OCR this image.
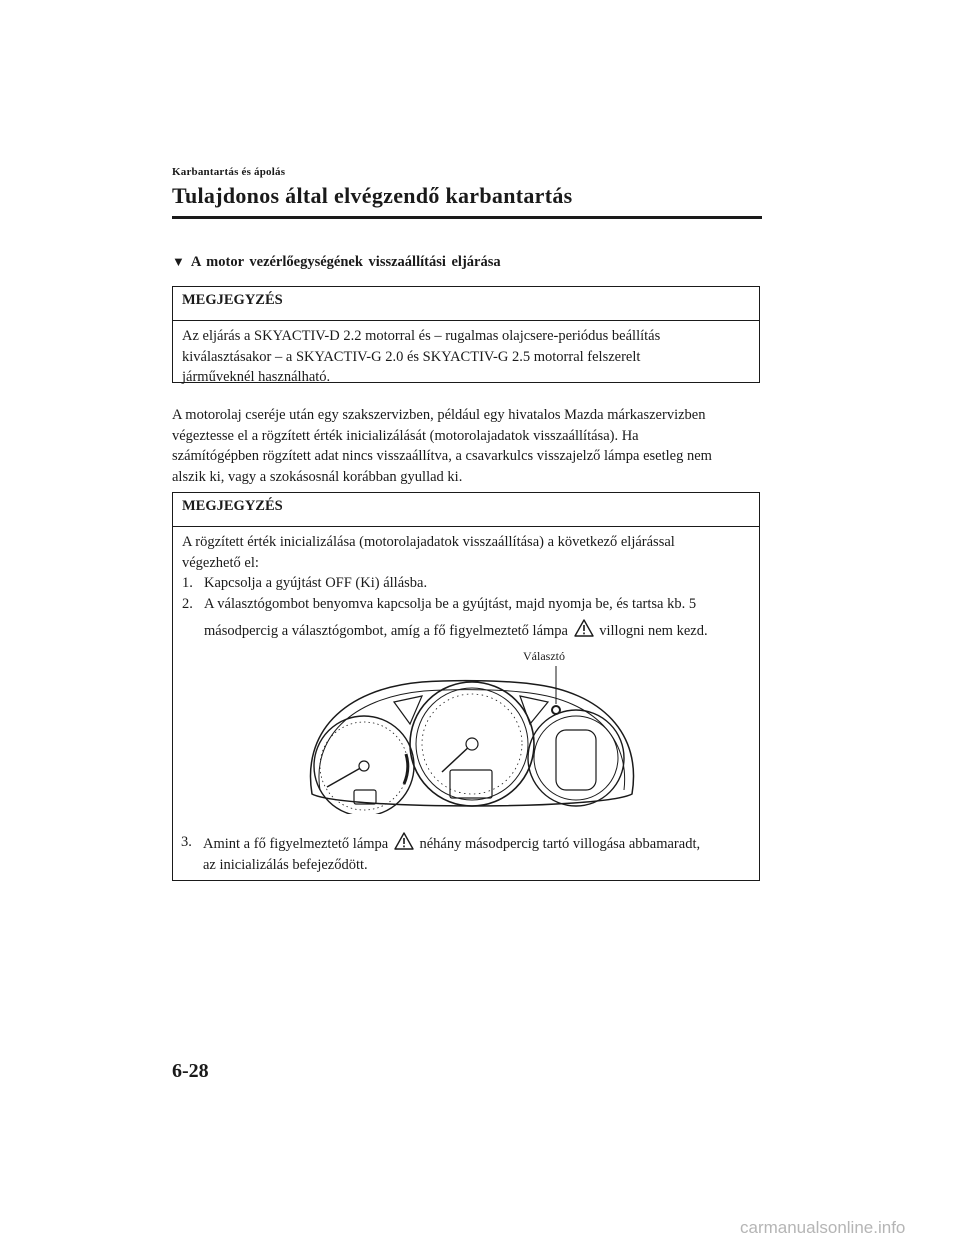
Karbantartás és ápolás
Tulajdonos által elvégzendő karbantartás
▼ A motor vezérlőegységének visszaállítási eljárása
MEGJEGYZÉS
Az eljárás a SKYACTIV-D 2.2 motorral és – rugalmas olajcsere-periódus beállítás
kiválasztásakor – a SKYACTIV-G 2.0 és SKYACTIV-G 2.5 motorral felszerelt
járműveknél használható.
A motorolaj cseréje után egy szakszervizben, például egy hivatalos Mazda márkaszervizben
végeztesse el a rögzített érték inicializálását (motorolajadatok visszaállítása). Ha
számítógépben rögzített adat nincs visszaállítva, a csavarkulcs visszajelző lámpa esetleg nem
alszik ki, vagy a szokásosnál korábban gyullad ki.
MEGJEGYZÉS
A rögzített érték inicializálása (motorolajadatok visszaállítása) a következő eljárással
végezhető el:
1. Kapcsolja a gyújtást OFF (Ki) állásba.
2. A választógombot benyomva kapcsolja be a gyújtást, majd nyomja be, és tartsa kb. 5
másodpercig a választógombot, amíg a fő figyelmeztető lámpa villogni nem kezd.
Választó
3. Amint a fő figyelmeztető lámpa néhány másodpercig tartó villogása abbamaradt,
az inicializálás befejeződött.
6-28
carmanualsonline.info
